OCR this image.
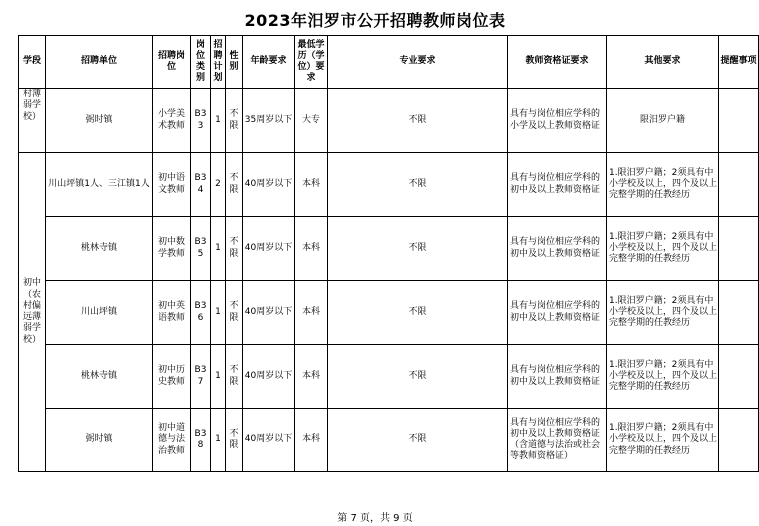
2023年汨罗市公开招聘教师岗位表
学段	招聘单位	招聘岗位	岗位类别	招聘计划	性别	年龄要求	最低学历（学位）要求	专业要求	教师资格证要求	其他要求	提醒事项
村薄弱学校）	弼时镇	小学美术教师	B33	1	不限	35周岁以下	大专	不限	具有与岗位相应学科的小学及以上教师资格证	限汨罗户籍	
初中（农村偏远薄弱学校）	川山坪镇1人、三江镇1人	初中语文教师	B34	2	不限	40周岁以下	本科	不限	具有与岗位相应学科的初中及以上教师资格证	1.限汨罗户籍；2须具有中小学校及以上，四个及以上完整学期的任教经历	
	桃林寺镇	初中数学教师	B35	1	不限	40周岁以下	本科	不限	具有与岗位相应学科的初中及以上教师资格证	1.限汨罗户籍；2须具有中小学校及以上，四个及以上完整学期的任教经历	
	川山坪镇	初中英语教师	B36	1	不限	40周岁以下	本科	不限	具有与岗位相应学科的初中及以上教师资格证	1.限汨罗户籍；2须具有中小学校及以上，四个及以上完整学期的任教经历	
	桃林寺镇	初中历史教师	B37	1	不限	40周岁以下	本科	不限	具有与岗位相应学科的初中及以上教师资格证	1.限汨罗户籍；2须具有中小学校及以上，四个及以上完整学期的任教经历	
	弼时镇	初中道德与法治教师	B38	1	不限	40周岁以下	本科	不限	具有与岗位相应学科的初中及以上教师资格证（含道德与法治或社会等教师资格证）	1.限汨罗户籍；2须具有中小学校及以上，四个及以上完整学期的任教经历	
第 7 页，共 9 页
